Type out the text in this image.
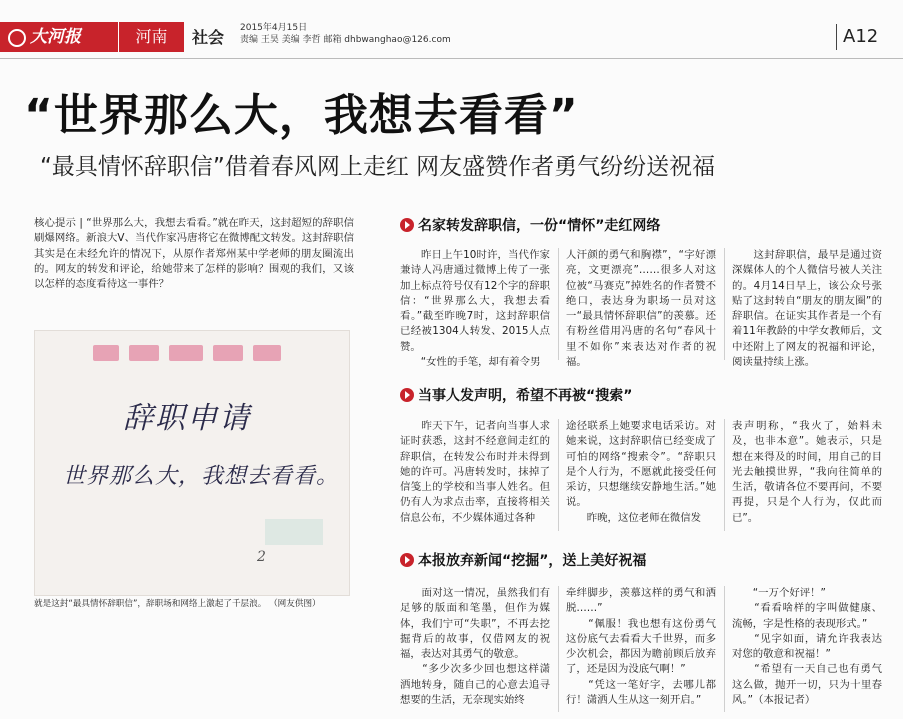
大河报	河南	社会 2015年4月15日
责编 王昊 美编 李哲 邮箱 dhbwanghao@126.com	A12
“世界那么大，我想去看看”
“最具情怀辞职信”借着春风网上走红 网友盛赞作者勇气纷纷送祝福

核心提示 | “世界那么大，我想去看看。”就在昨天，这封超短的辞职信刷爆网络。新浪大V、当代作家冯唐将它在微博配文转发。这封辞职信其实是在未经允许的情况下，从原作者郑州某中学老师的朋友圈流出的。网友的转发和评论，给她带来了怎样的影响？围观的我们，又该以怎样的态度看待这一事件？

辞职申请
世界那么大，我想去看看。
2
就是这封“最具情怀辞职信”，辞职场和网络上激起了千层浪。 （网友供图）
名家转发辞职信，一份“情怀”走红网络

　　昨日上午10时许，当代作家兼诗人冯唐通过微博上传了一张加上标点符号仅有12个字的辞职信：“世界那么大，我想去看看。”截至昨晚7时，这封辞职信已经被1304人转发、2015人点赞。
　　“女性的手笔，却有着令男

人汗颜的勇气和胸襟”，“字好漂亮，文更漂亮”……很多人对这位被“马赛克”掉姓名的作者赞不绝口，表达身为职场一员对这一“最具情怀辞职信”的羡慕。还有粉丝借用冯唐的名句“春风十里不如你”来表达对作者的祝福。

　　这封辞职信，最早是通过资深媒体人的个人微信号被人关注的。4月14日早上，该公众号张贴了这封转自“朋友的朋友圈”的辞职信。在证实其作者是一个有着11年教龄的中学女教师后，文中还附上了网友的祝福和评论，阅读量持续上涨。

当事人发声明，希望不再被“搜索”

　　昨天下午，记者向当事人求证时获悉，这封不经意间走红的辞职信，在转发公布时并未得到她的许可。冯唐转发时，抹掉了信笺上的学校和当事人姓名。但仍有人为求点击率，直接将相关信息公布，不少媒体通过各种

途径联系上她要求电话采访。对她来说，这封辞职信已经变成了可怕的网络“搜索令”。“辞职只是个人行为，不愿就此接受任何采访，只想继续安静地生活。”她说。
　　昨晚，这位老师在微信发

表声明称，“我火了，始料未及，也非本意”。她表示，只是想在来得及的时间，用自己的目光去触摸世界，“我向往简单的生活，敬请各位不要再问，不要再提，只是个人行为，仅此而已”。

本报放弃新闻“挖掘”，送上美好祝福

　　面对这一情况，虽然我们有足够的版面和笔墨，但作为媒体，我们宁可“失职”，不再去挖掘背后的故事，仅借网友的祝福，表达对其勇气的敬意。
　　“多少次多少回也想这样潇洒地转身，随自己的心意去追寻想要的生活，无奈现实始终

牵绊脚步，羡慕这样的勇气和洒脱……”
　　“佩服！我也想有这份勇气这份底气去看看大千世界，而多少次机会，都因为瞻前顾后放弃了，还是因为没底气啊！”
　　“凭这一笔好字，去哪儿都行！潇洒人生从这一刻开启。”

　　“一万个好评！”
　　“看看啥样的字叫做健康、流畅，字是性格的表现形式。”
　　“见字如面，请允许我表达对您的敬意和祝福！”
　　“希望有一天自己也有勇气这么做，抛开一切，只为十里春风。”（本报记者）
